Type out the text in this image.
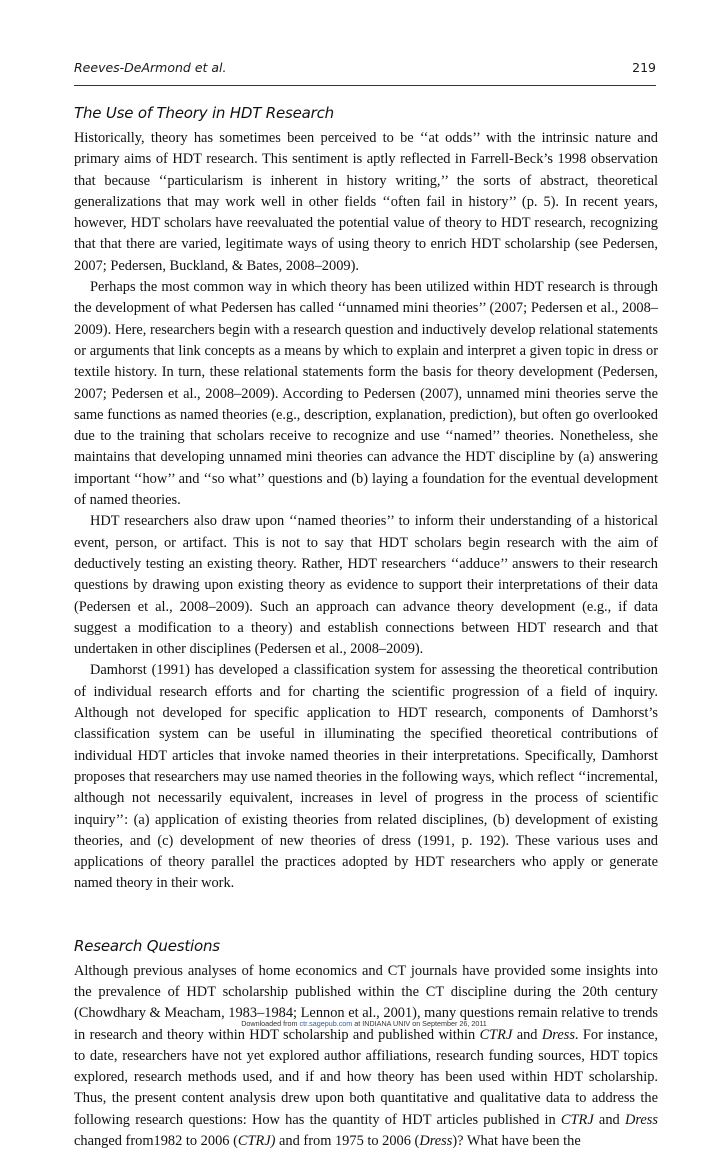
Reeves-DeArmond et al.	219
The Use of Theory in HDT Research

Historically, theory has sometimes been perceived to be ‘‘at odds’’ with the intrinsic nature and primary aims of HDT research. This sentiment is aptly reflected in Farrell-Beck’s 1998 observation that because ‘‘particularism is inherent in history writing,’’ the sorts of abstract, theoretical generalizations that may work well in other fields ‘‘often fail in history’’ (p. 5). In recent years, however, HDT scholars have reevaluated the potential value of theory to HDT research, recognizing that that there are varied, legitimate ways of using theory to enrich HDT scholarship (see Pedersen, 2007; Pedersen, Buckland, & Bates, 2008–2009).

Perhaps the most common way in which theory has been utilized within HDT research is through the development of what Pedersen has called ‘‘unnamed mini theories’’ (2007; Pedersen et al., 2008–2009). Here, researchers begin with a research question and inductively develop relational statements or arguments that link concepts as a means by which to explain and interpret a given topic in dress or textile history. In turn, these relational statements form the basis for theory development (Pedersen, 2007; Pedersen et al., 2008–2009). According to Pedersen (2007), unnamed mini theories serve the same functions as named theories (e.g., description, explanation, prediction), but often go overlooked due to the training that scholars receive to recognize and use ‘‘named’’ theories. Nonetheless, she maintains that developing unnamed mini theories can advance the HDT discipline by (a) answering important ‘‘how’’ and ‘‘so what’’ questions and (b) laying a foundation for the eventual development of named theories.

HDT researchers also draw upon ‘‘named theories’’ to inform their understanding of a historical event, person, or artifact. This is not to say that HDT scholars begin research with the aim of deductively testing an existing theory. Rather, HDT researchers ‘‘adduce’’ answers to their research questions by drawing upon existing theory as evidence to support their interpretations of their data (Pedersen et al., 2008–2009). Such an approach can advance theory development (e.g., if data suggest a modification to a theory) and establish connections between HDT research and that undertaken in other disciplines (Pedersen et al., 2008–2009).

Damhorst (1991) has developed a classification system for assessing the theoretical contribution of individual research efforts and for charting the scientific progression of a field of inquiry. Although not developed for specific application to HDT research, components of Damhorst’s classification system can be useful in illuminating the specified theoretical contributions of individual HDT articles that invoke named theories in their interpretations. Specifically, Damhorst proposes that researchers may use named theories in the following ways, which reflect ‘‘incremental, although not necessarily equivalent, increases in level of progress in the process of scientific inquiry’’: (a) application of existing theories from related disciplines, (b) development of existing theories, and (c) development of new theories of dress (1991, p. 192). These various uses and applications of theory parallel the practices adopted by HDT researchers who apply or generate named theory in their work.

Research Questions

Although previous analyses of home economics and CT journals have provided some insights into the prevalence of HDT scholarship published within the CT discipline during the 20th century (Chowdhary & Meacham, 1983–1984; Lennon et al., 2001), many questions remain relative to trends in research and theory within HDT scholarship and published within CTRJ and Dress. For instance, to date, researchers have not yet explored author affiliations, research funding sources, HDT topics explored, research methods used, and if and how theory has been used within HDT scholarship. Thus, the present content analysis drew upon both quantitative and qualitative data to address the following research questions: How has the quantity of HDT articles published in CTRJ and Dress changed from1982 to 2006 (CTRJ) and from 1975 to 2006 (Dress)? What have been the

Downloaded from ctr.sagepub.com at INDIANA UNIV on September 26, 2011
